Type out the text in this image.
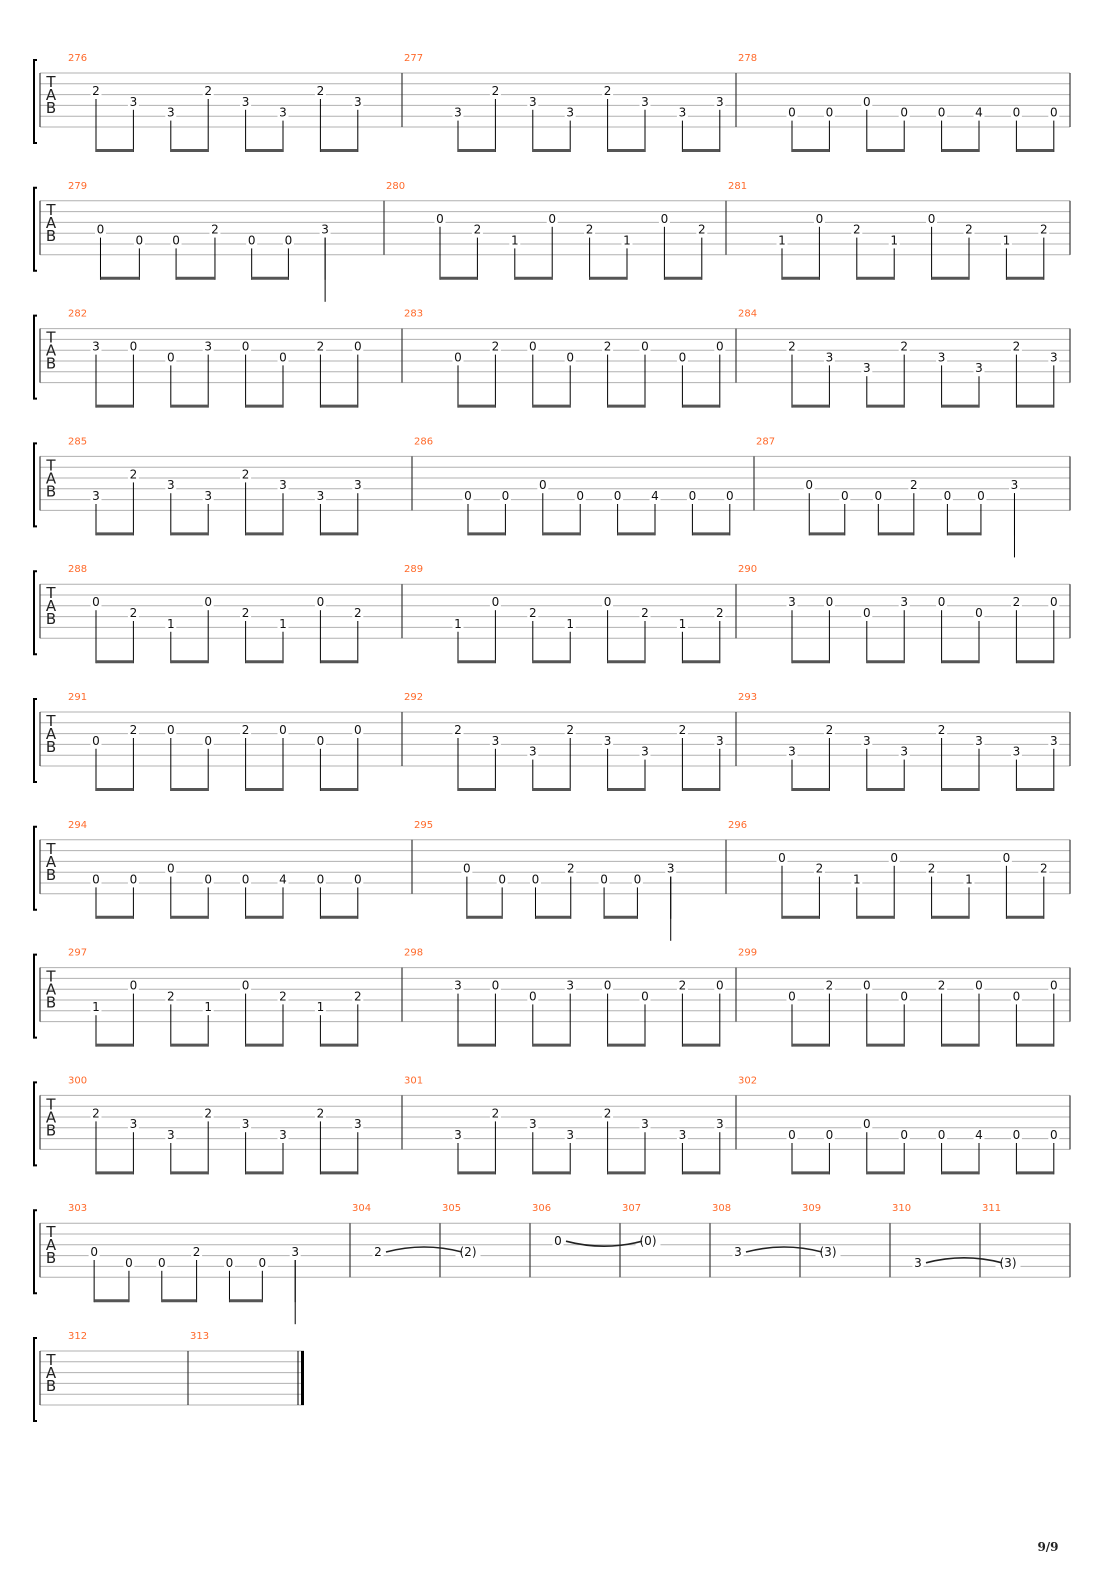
T
A
B
276
2
3
3
2
3
3
2
3
277
3
2
3
3
2
3
3
3
278
0 0
0
0 0 4 0 0
T
A
B
279
0
0 0
2
0 0
3
280
0
2
1
0
2
1
0
2
281
1
0
2
1
0
2
1
2
T
A
B
282
3 0
0
3 0
0
2 0
283
0
2 0
0
2 0
0
0
284
2
3
3
2
3
3
2
3
T
A
B
285
3
2
3
3
2
3
3
3
286
0 0
0
0 0 4 0 0
287
0
0 0
2
0 0
3
T
A
B
288
0
2
1
0
2
1
0
2
289
1
0
2
1
0
2
1
2
290
3 0
0
3 0
0
2 0
T
A
B
291
0
2 0
0
2 0
0
0
292
2
3
3
2
3
3
2
3
293
3
2
3
3
2
3
3
3
T
A
B
294
0 0
0
0 0 4 0 0
295
0
0 0
2
0 0
3
296
0
2
1
0
2
1
0
2
T
A
B
297
1
0
2
1
0
2
1
2
298
3 0
0
3 0
0
2 0
299
0
2 0
0
2 0
0
0
T
A
B
300
2
3
3
2
3
3
2
3
301
3
2
3
3
2
3
3
3
302
0 0
0
0 0 4 0 0
T
A
B
303
0
0 0
2
0 0
3
304
2
305
(2)
306
0
307
(0)
308
3
309
(3)
310
3
311
(3)
T
A
B
312	313
9/9
